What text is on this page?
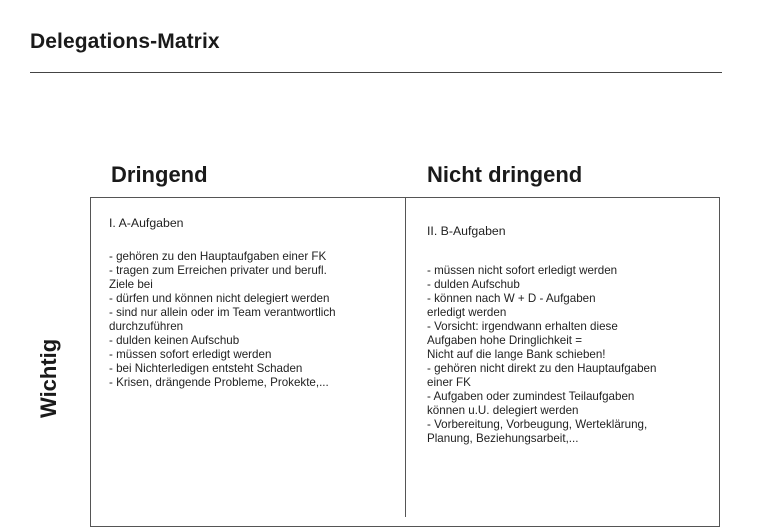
Delegations-Matrix
Dringend	Nicht dringend
Wichtig
I. A-Aufgaben
- gehören zu den Hauptaufgaben einer FK
- tragen zum Erreichen privater und berufl.
Ziele bei
- dürfen und können nicht delegiert werden
- sind nur allein oder im Team verantwortlich
durchzuführen
- dulden keinen Aufschub
- müssen sofort erledigt werden
- bei Nichterledigen entsteht Schaden
- Krisen, drängende Probleme, Prokekte,...
II. B-Aufgaben
- müssen nicht sofort erledigt werden
- dulden Aufschub
- können nach W + D - Aufgaben
erledigt werden
- Vorsicht: irgendwann erhalten diese
Aufgaben hohe Dringlichkeit =
Nicht auf die lange Bank schieben!
- gehören nicht direkt zu den Hauptaufgaben
einer FK
- Aufgaben oder zumindest Teilaufgaben
können u.U. delegiert werden
- Vorbereitung, Vorbeugung, Werteklärung,
Planung, Beziehungsarbeit,...
